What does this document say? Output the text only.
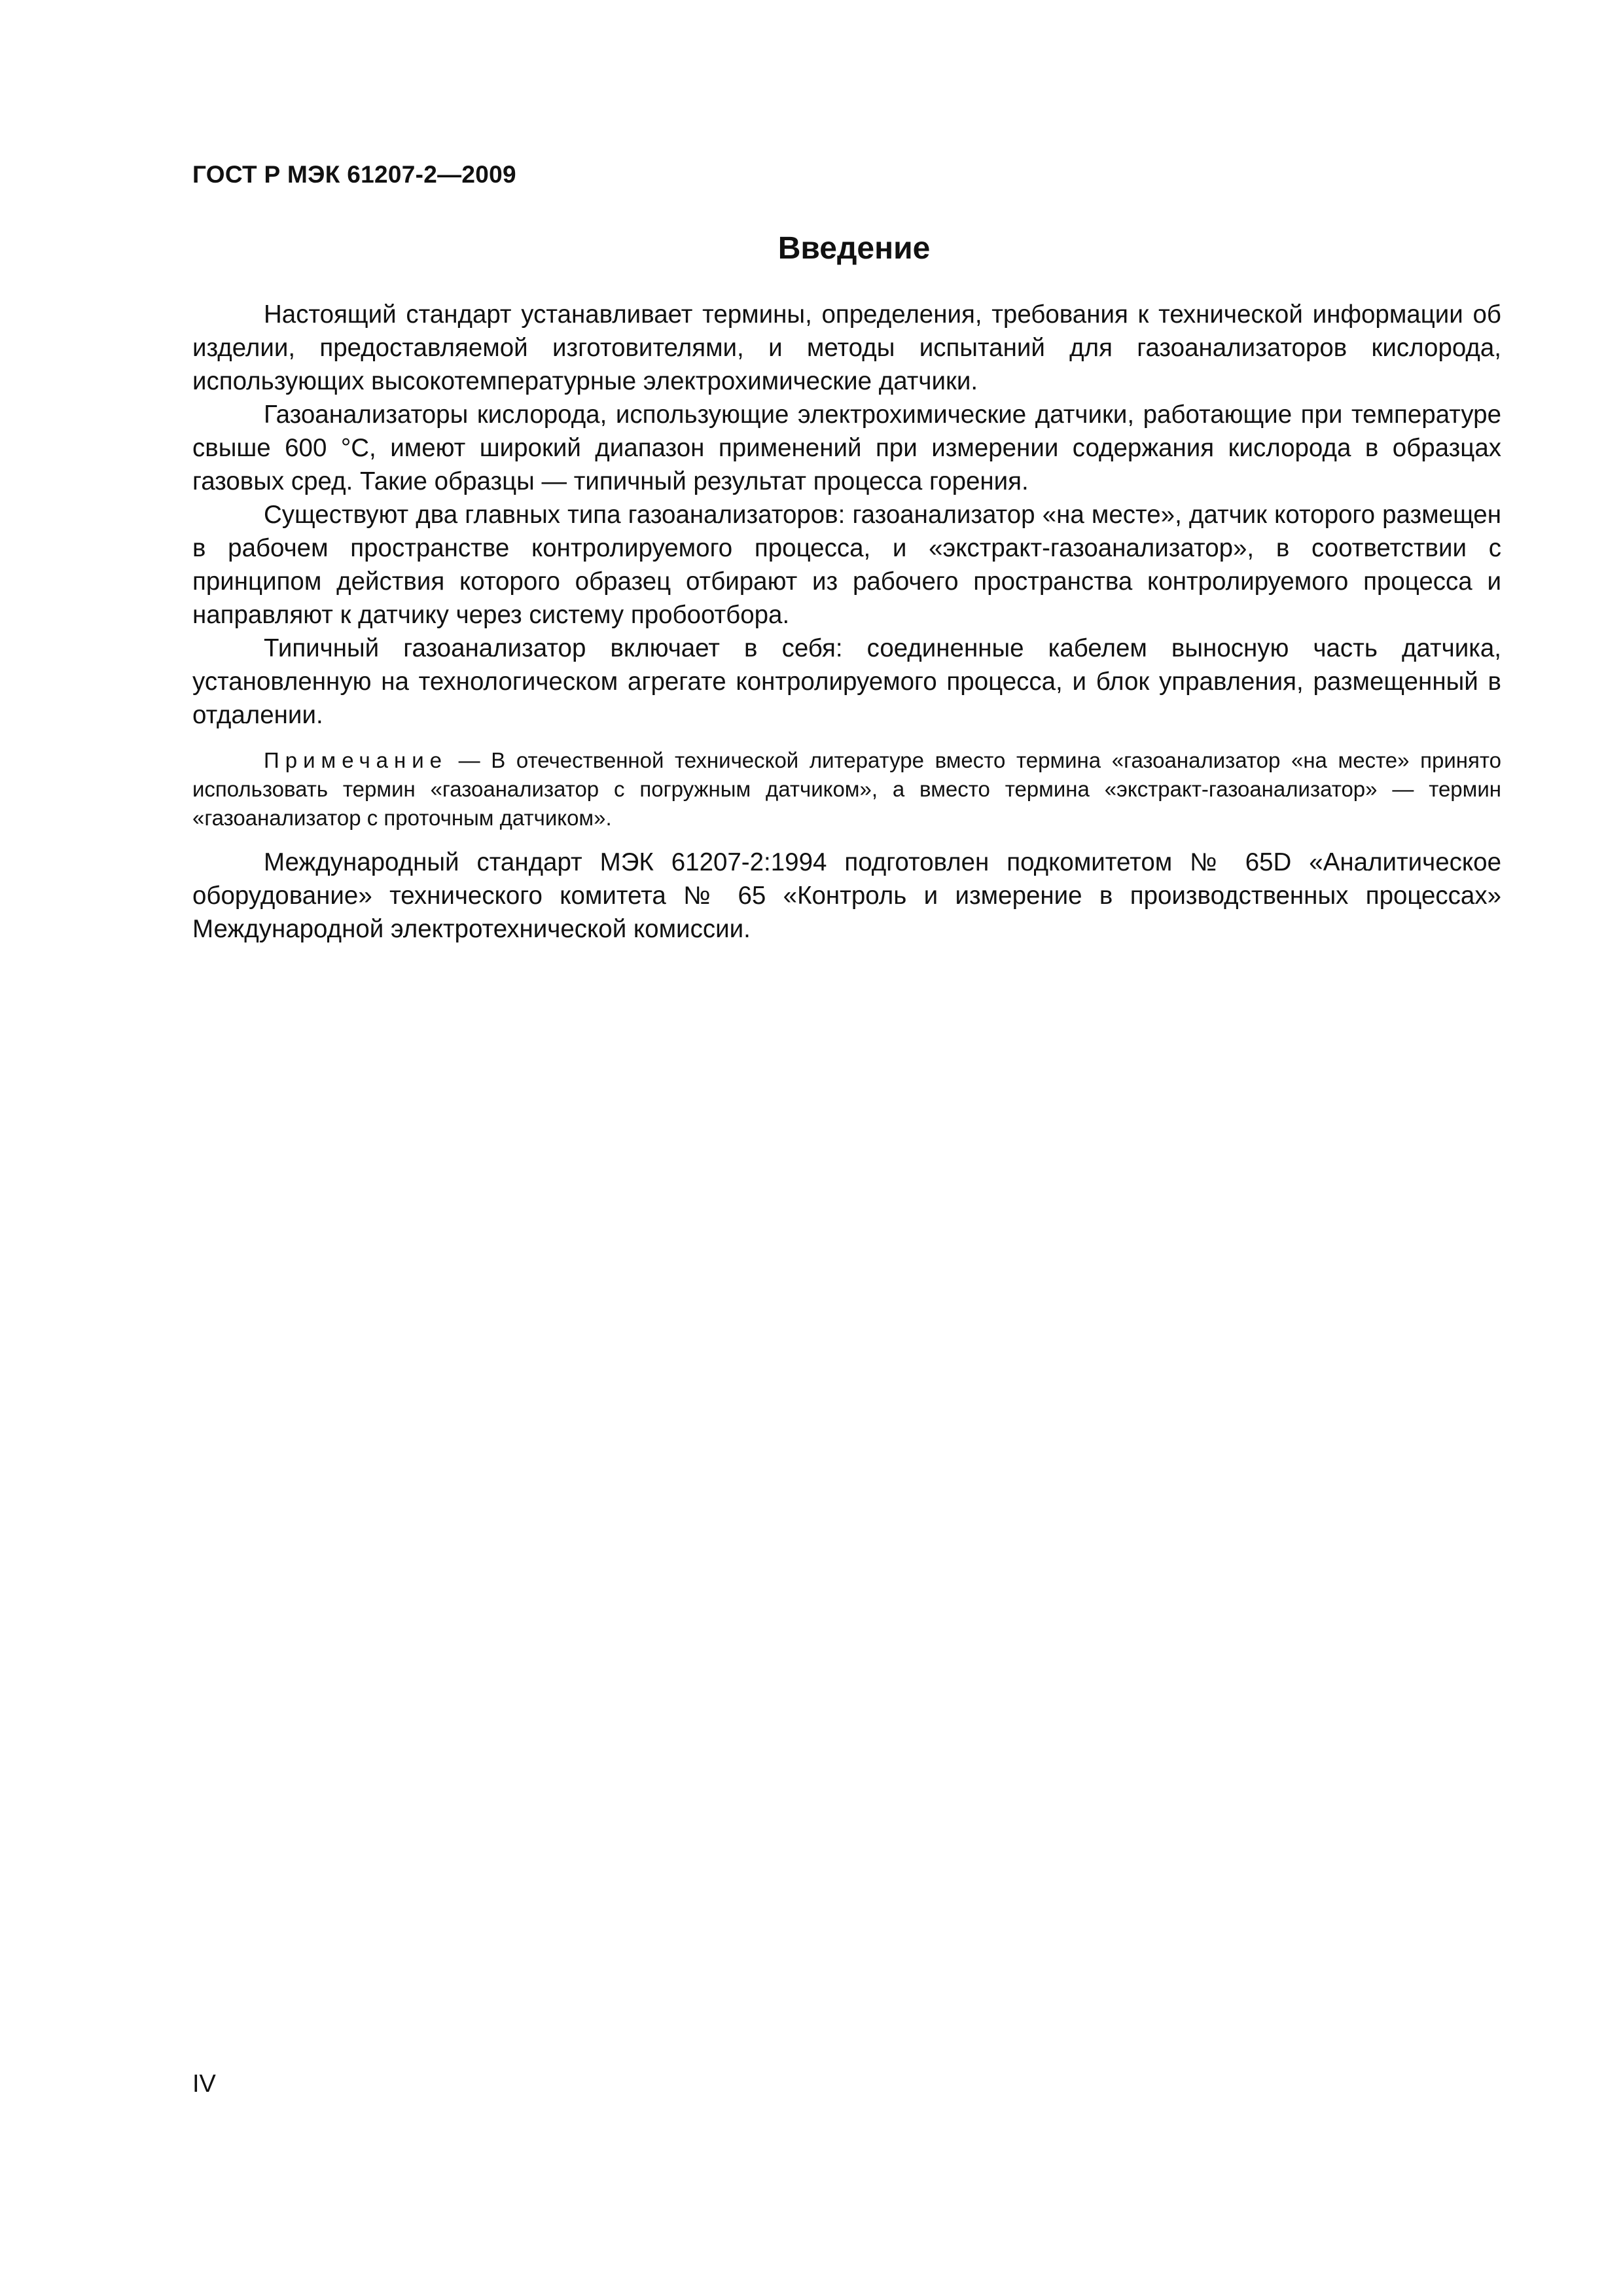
ГОСТ Р МЭК 61207-2—2009
Введение

Настоящий стандарт устанавливает термины, определения, требования к технической информации об изделии, предоставляемой изготовителями, и методы испытаний для газоанализаторов кислорода, использующих высокотемпературные электрохимические датчики.

Газоанализаторы кислорода, использующие электрохимические датчики, работающие при температуре свыше 600 °С, имеют широкий диапазон применений при измерении содержания кислорода в образцах газовых сред. Такие образцы — типичный результат процесса горения.

Существуют два главных типа газоанализаторов: газоанализатор «на месте», датчик которого размещен в рабочем пространстве контролируемого процесса, и «экстракт-газоанализатор», в соответствии с принципом действия которого образец отбирают из рабочего пространства контролируемого процесса и направляют к датчику через систему пробоотбора.

Типичный газоанализатор включает в себя: соединенные кабелем выносную часть датчика, установленную на технологическом агрегате контролируемого процесса, и блок управления, размещенный в отдалении.

Примечание — В отечественной технической литературе вместо термина «газоанализатор «на месте» принято использовать термин «газоанализатор с погружным датчиком», а вместо термина «экстракт-газоанализатор» — термин «газоанализатор с проточным датчиком».

Международный стандарт МЭК 61207-2:1994 подготовлен подкомитетом № 65D «Аналитическое оборудование» технического комитета № 65 «Контроль и измерение в производственных процессах» Международной электротехнической комиссии.

IV
